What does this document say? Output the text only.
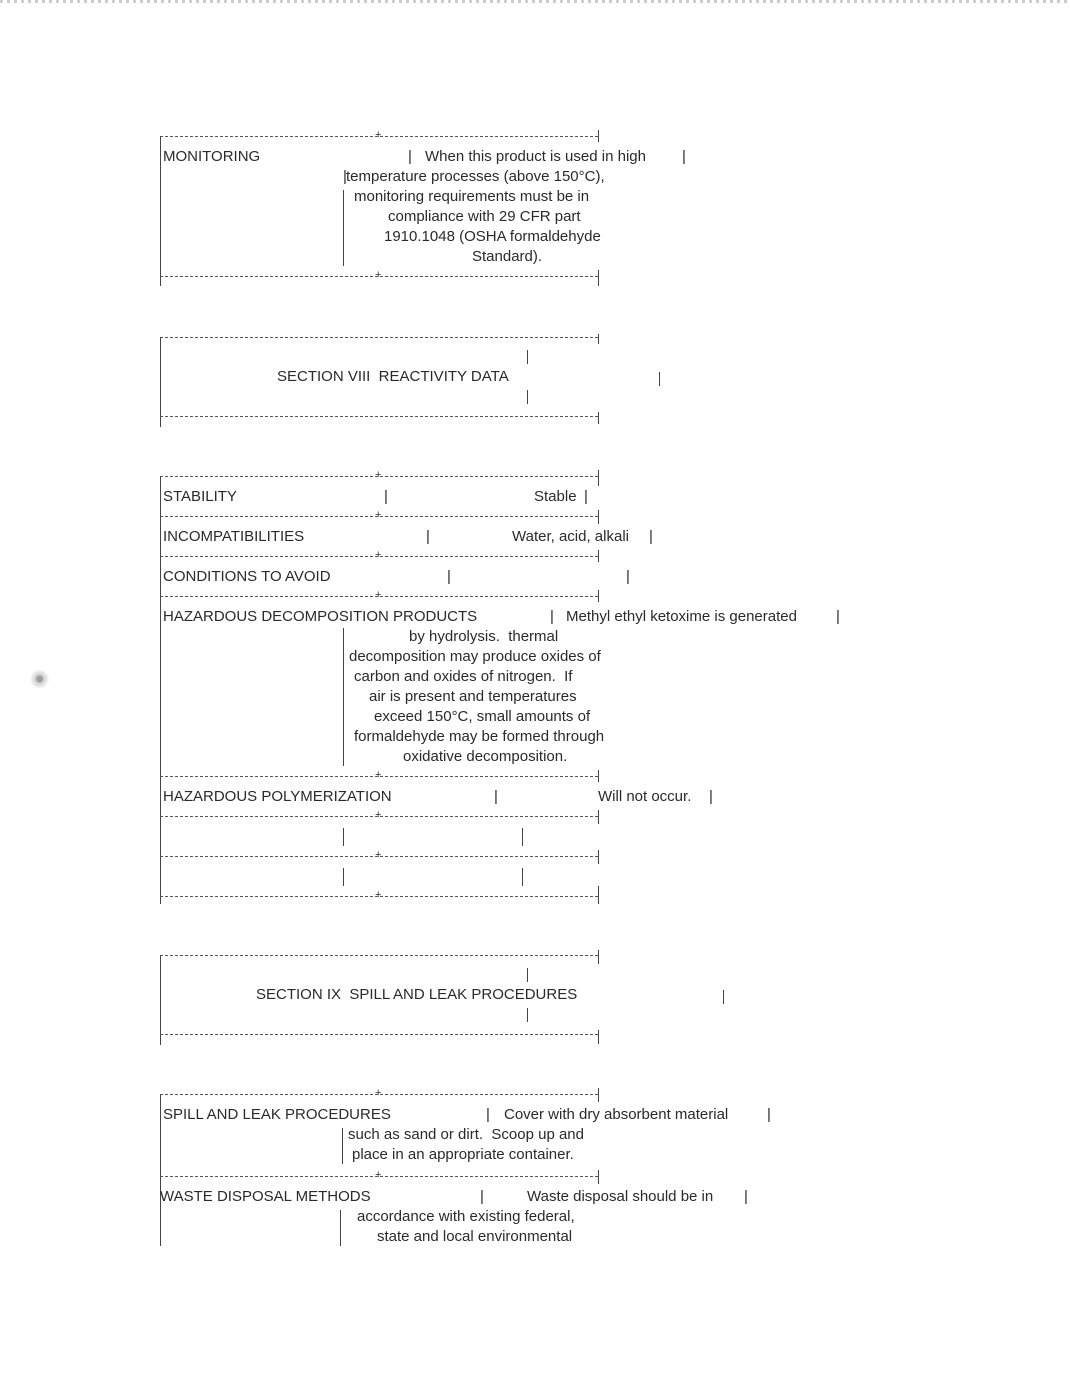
+
MONITORING	| When this product is used in high |
| temperature processes (above 150°C),
monitoring requirements must be in
compliance with 29 CFR part
1910.1048 (OSHA formaldehyde
Standard).
+
SECTION VIII  REACTIVITY DATA
+
STABILITY	|	Stable |
+
INCOMPATIBILITIES	|	Water, acid, alkali |
+
CONDITIONS TO AVOID	|	|
+
HAZARDOUS DECOMPOSITION PRODUCTS	| Methyl ethyl ketoxime is generated	|
by hydrolysis.  thermal
decomposition may produce oxides of
carbon and oxides of nitrogen.  If
air is present and temperatures
exceed 150°C, small amounts of
formaldehyde may be formed through
oxidative decomposition.
+
HAZARDOUS POLYMERIZATION	|	Will not occur. |
+
+
+
SECTION IX  SPILL AND LEAK PROCEDURES
+
SPILL AND LEAK PROCEDURES	| Cover with dry absorbent material	|
such as sand or dirt.  Scoop up and
place in an appropriate container.
+
WASTE DISPOSAL METHODS	|	Waste disposal should be in |
accordance with existing federal,
state and local environmental
